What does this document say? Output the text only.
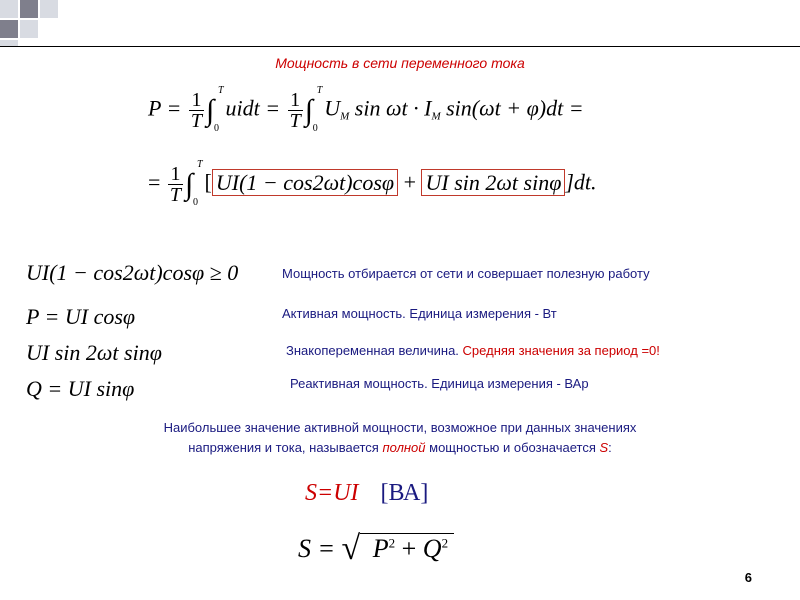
Мощность в сети переменного тока
$P = \frac{1}{T}$ ∫
T
0
uidt = $\frac{1}{T}$ ∫
T
0
$U_M$ $\sin \omega t \cdot I_M$ sin(ωt + φ)dt =
= $\frac{1}{T}$ ∫
T
0
[ UI(1 − cos2ωt)cosφ + UI sin 2ωt sinφ ]dt.
UI(1 − cos2ωt)cosφ ≥ 0	Мощность отбирается от сети и совершает полезную работу
P = UI cosφ	Активная мощность. Единица измерения - Вт
UI sin 2ωt sinφ	Знакопеременная величина. Средняя значения за период =0!
Q = UI sinφ	Реактивная мощность. Единица измерения - ВАр
Наибольшее значение активной мощности, возможное при данных значениях
напряжения и тока, называется полной мощностью и обозначается S:
S=UI [ВА]
S = √ $P^2 + Q^2$
6
